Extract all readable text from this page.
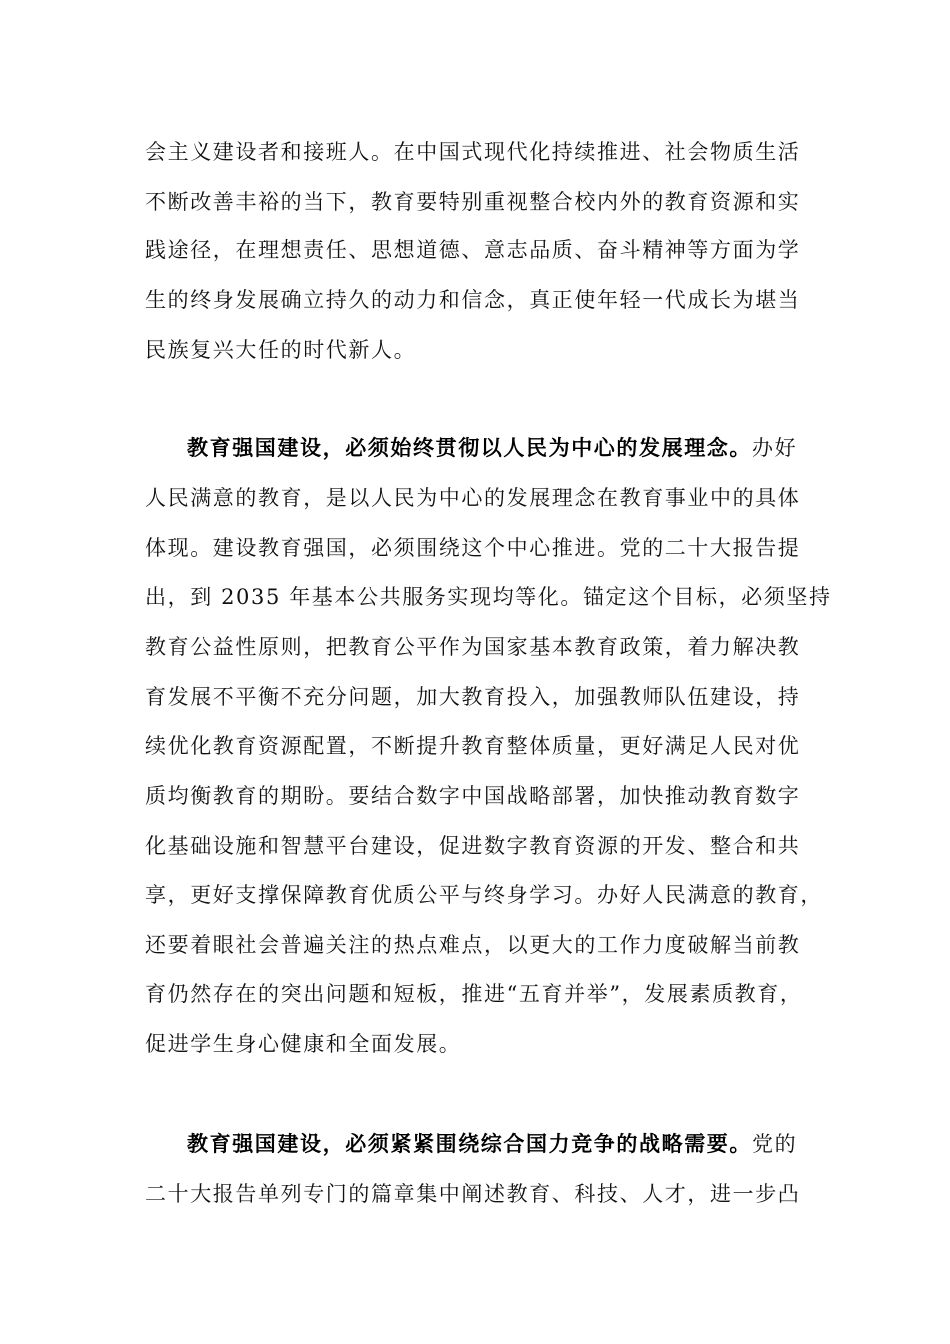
会主义建设者和接班人。在中国式现代化持续推进、社会物质生活
不断改善丰裕的当下，教育要特别重视整合校内外的教育资源和实
践途径，在理想责任、思想道德、意志品质、奋斗精神等方面为学
生的终身发展确立持久的动力和信念，真正使年轻一代成长为堪当
民族复兴大任的时代新人。
教育强国建设，必须始终贯彻以人民为中心的发展理念。办好
人民满意的教育，是以人民为中心的发展理念在教育事业中的具体
体现。建设教育强国，必须围绕这个中心推进。党的二十大报告提
出，到 2035 年基本公共服务实现均等化。锚定这个目标，必须坚持
教育公益性原则，把教育公平作为国家基本教育政策，着力解决教
育发展不平衡不充分问题，加大教育投入，加强教师队伍建设，持
续优化教育资源配置，不断提升教育整体质量，更好满足人民对优
质均衡教育的期盼。要结合数字中国战略部署，加快推动教育数字
化基础设施和智慧平台建设，促进数字教育资源的开发、整合和共
享，更好支撑保障教育优质公平与终身学习。办好人民满意的教育，
还要着眼社会普遍关注的热点难点，以更大的工作力度破解当前教
育仍然存在的突出问题和短板，推进“五育并举”，发展素质教育，
促进学生身心健康和全面发展。
教育强国建设，必须紧紧围绕综合国力竞争的战略需要。党的
二十大报告单列专门的篇章集中阐述教育、科技、人才，进一步凸
